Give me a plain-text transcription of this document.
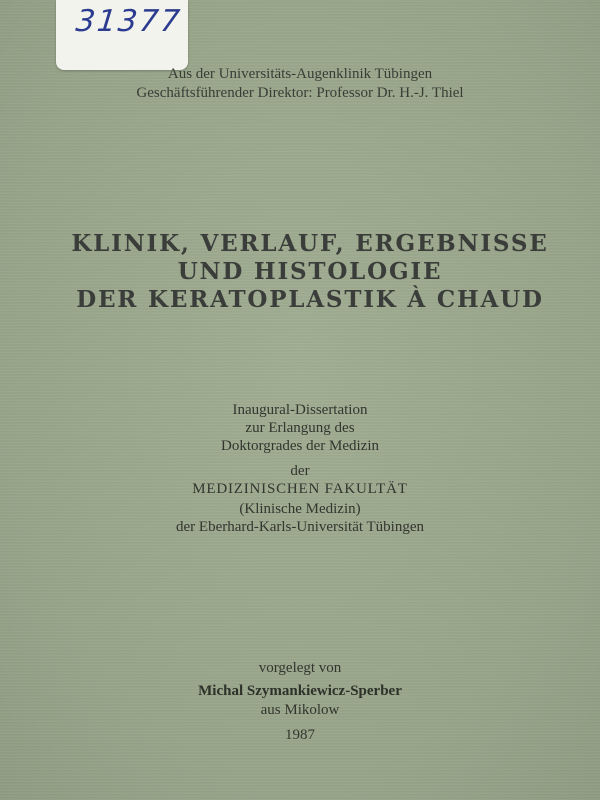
31377
Aus der Universitäts-Augenklinik Tübingen
Geschäftsführender Direktor: Professor Dr. H.-J. Thiel
KLINIK, VERLAUF, ERGEBNISSE
UND HISTOLOGIE
DER KERATOPLASTIK À CHAUD
Inaugural-Dissertation
zur Erlangung des
Doktorgrades der Medizin
der
MEDIZINISCHEN FAKULTÄT
(Klinische Medizin)
der Eberhard-Karls-Universität Tübingen
vorgelegt von
Michal Szymankiewicz-Sperber
aus Mikolow
1987
